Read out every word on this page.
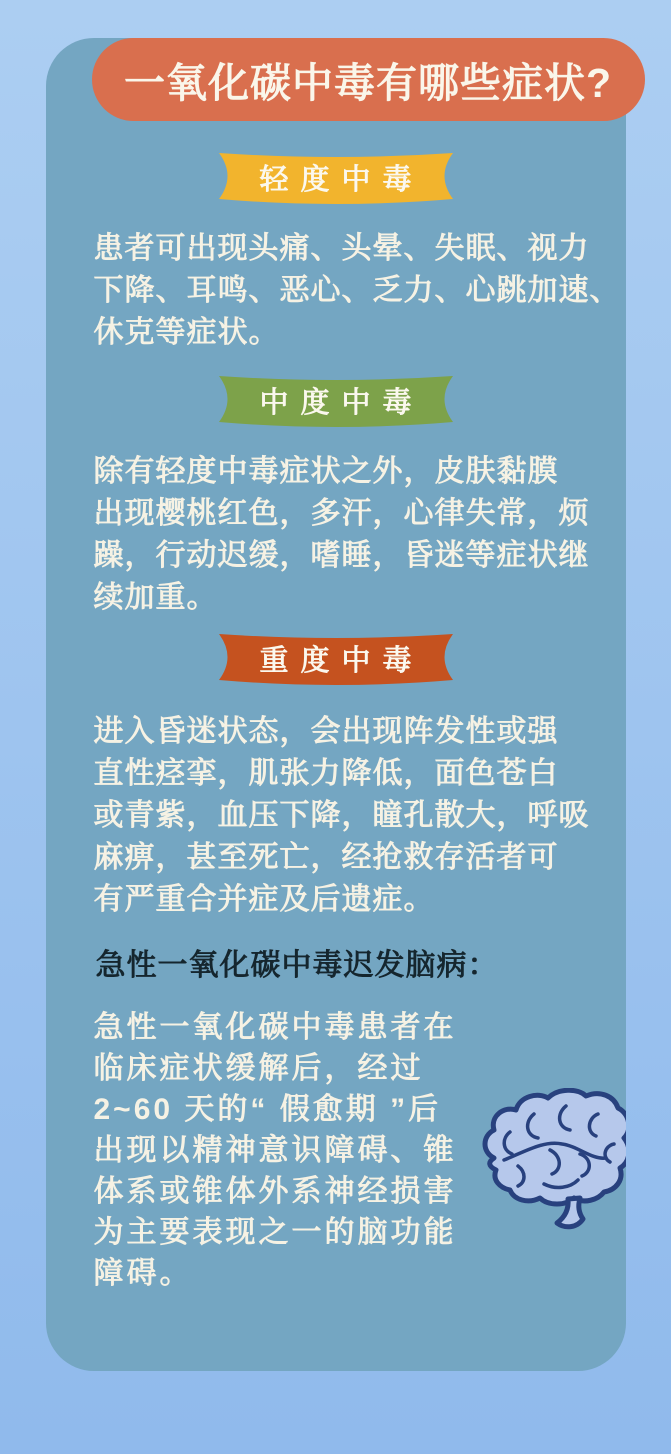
一氧化碳中毒有哪些症状?
轻度中毒
患者可出现头痛、头晕、失眠、视力
下降、耳鸣、恶心、乏力、心跳加速、
休克等症状。
中度中毒
除有轻度中毒症状之外，皮肤黏膜
出现樱桃红色，多汗，心律失常，烦
躁，行动迟缓，嗜睡，昏迷等症状继
续加重。
重度中毒
进入昏迷状态，会出现阵发性或强
直性痉挛，肌张力降低，面色苍白
或青紫，血压下降，瞳孔散大，呼吸
麻痹，甚至死亡，经抢救存活者可
有严重合并症及后遗症。
急性一氧化碳中毒迟发脑病：
急性一氧化碳中毒患者在
临床症状缓解后，经过
2~60 天的“ 假愈期 ”后
出现以精神意识障碍、锥
体系或锥体外系神经损害
为主要表现之一的脑功能
障碍。
